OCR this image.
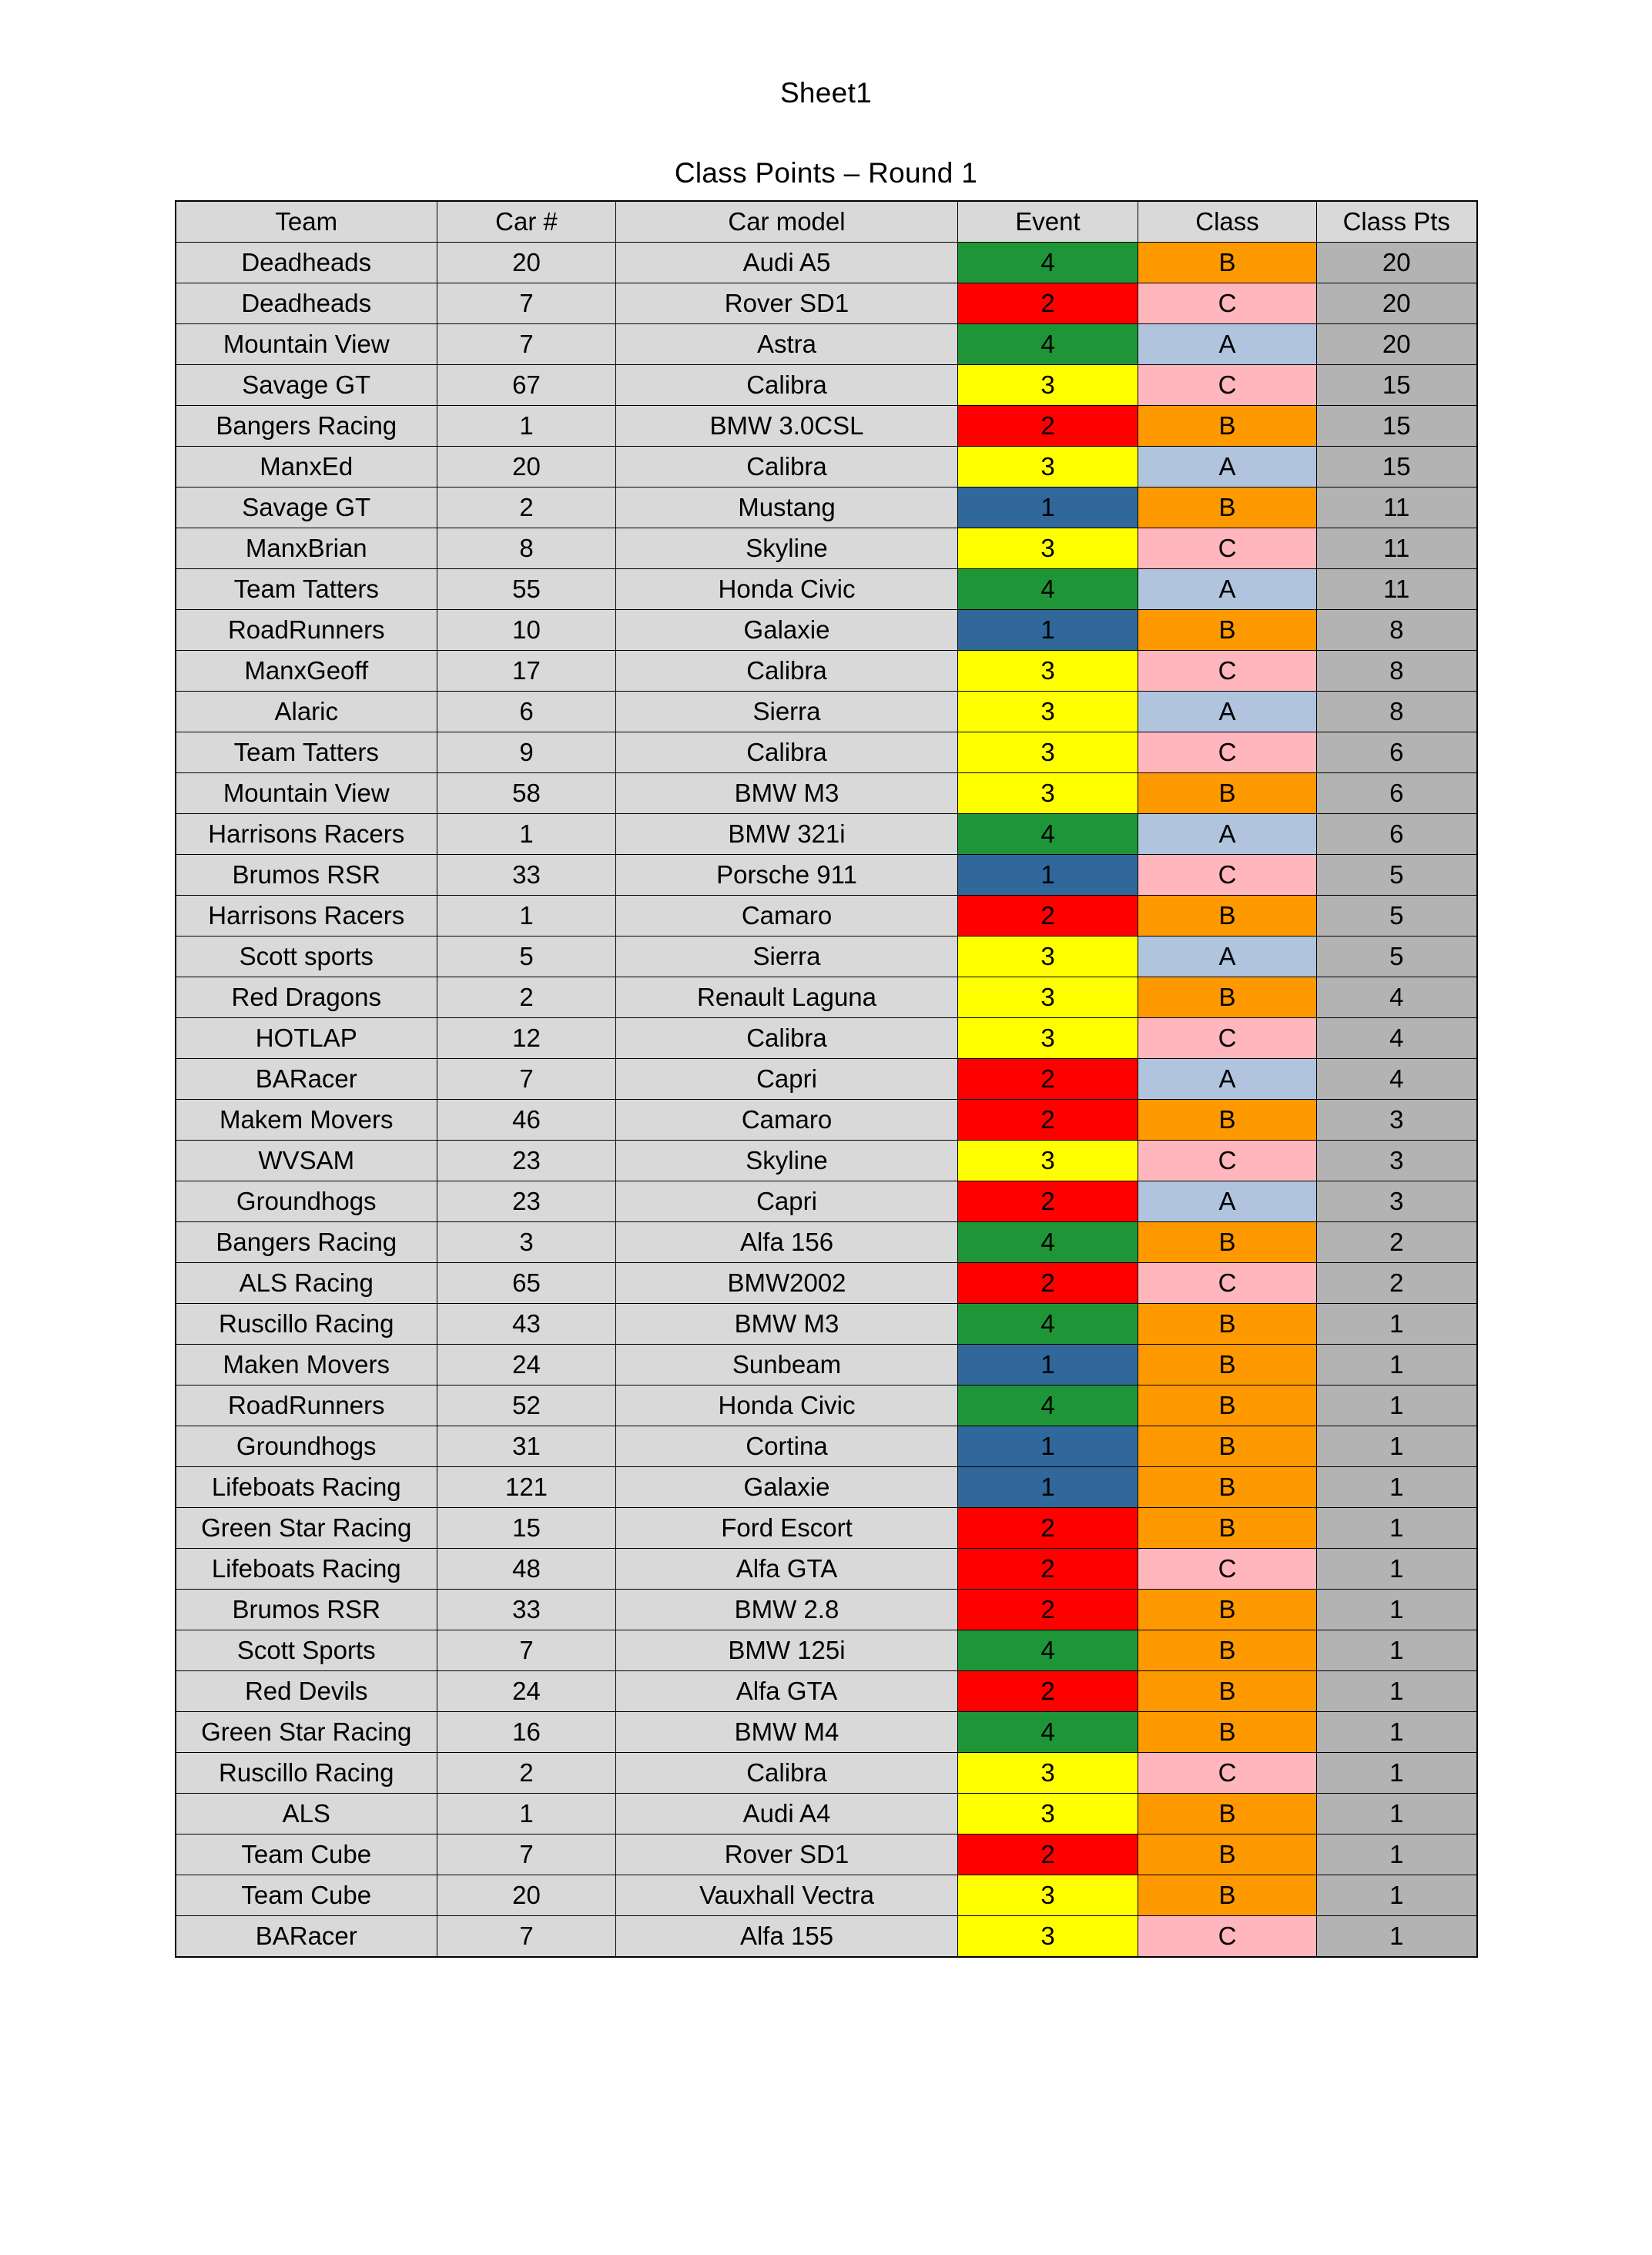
Sheet1
Class Points – Round 1
Team	Car #	Car model	Event	Class	Class Pts
Deadheads	20	Audi A5	4	B	20
Deadheads	7	Rover SD1	2	C	20
Mountain View	7	Astra	4	A	20
Savage GT	67	Calibra	3	C	15
Bangers Racing	1	BMW 3.0CSL	2	B	15
ManxEd	20	Calibra	3	A	15
Savage GT	2	Mustang	1	B	11
ManxBrian	8	Skyline	3	C	11
Team Tatters	55	Honda Civic	4	A	11
RoadRunners	10	Galaxie	1	B	8
ManxGeoff	17	Calibra	3	C	8
Alaric	6	Sierra	3	A	8
Team Tatters	9	Calibra	3	C	6
Mountain View	58	BMW M3	3	B	6
Harrisons Racers	1	BMW 321i	4	A	6
Brumos RSR	33	Porsche 911	1	C	5
Harrisons Racers	1	Camaro	2	B	5
Scott sports	5	Sierra	3	A	5
Red Dragons	2	Renault Laguna	3	B	4
HOTLAP	12	Calibra	3	C	4
BARacer	7	Capri	2	A	4
Makem Movers	46	Camaro	2	B	3
WVSAM	23	Skyline	3	C	3
Groundhogs	23	Capri	2	A	3
Bangers Racing	3	Alfa 156	4	B	2
ALS Racing	65	BMW2002	2	C	2
Ruscillo Racing	43	BMW M3	4	B	1
Maken Movers	24	Sunbeam	1	B	1
RoadRunners	52	Honda Civic	4	B	1
Groundhogs	31	Cortina	1	B	1
Lifeboats Racing	121	Galaxie	1	B	1
Green Star Racing	15	Ford Escort	2	B	1
Lifeboats Racing	48	Alfa GTA	2	C	1
Brumos RSR	33	BMW 2.8	2	B	1
Scott Sports	7	BMW 125i	4	B	1
Red Devils	24	Alfa GTA	2	B	1
Green Star Racing	16	BMW M4	4	B	1
Ruscillo Racing	2	Calibra	3	C	1
ALS	1	Audi A4	3	B	1
Team Cube	7	Rover SD1	2	B	1
Team Cube	20	Vauxhall Vectra	3	B	1
BARacer	7	Alfa 155	3	C	1
